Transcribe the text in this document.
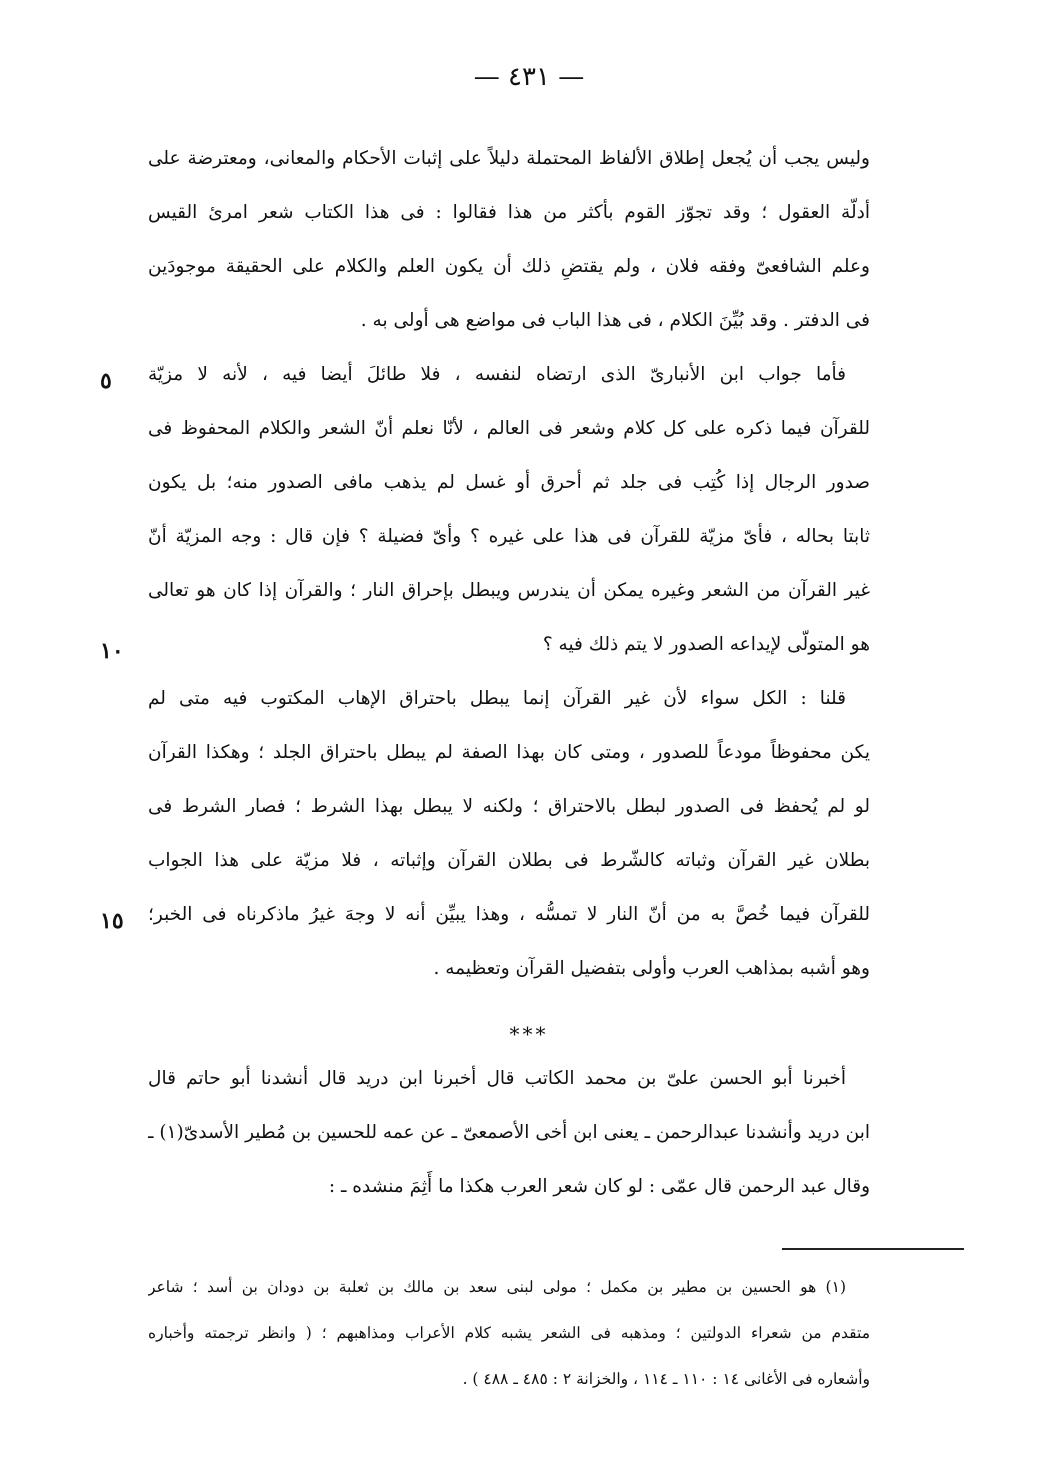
— ٤٣١ —
وليس يجب أن يُجعل إطلاق الألفاظ المحتملة دليلاً على إثبات الأحكام والمعانى، ومعترضة على
أدلّة العقول ؛ وقد تجوّز القوم بأكثر من هذا فقالوا : فى هذا الكتاب شعر امرئ القيس
وعلم الشافعىّ وفقه فلان ، ولم يقتضِ ذلك أن يكون العلم والكلام على الحقيقة موجودَين
فى الدفتر . وقد بُيِّنَ الكلام ، فى هذا الباب فى مواضع هى أولى به .
فأما جواب ابن الأنبارىّ الذى ارتضاه لنفسه ، فلا طائلَ أيضا فيه ، لأنه لا مزيّة
للقرآن فيما ذكره على كل كلام وشعر فى العالم ، لأنّا نعلم أنّ الشعر والكلام المحفوظ فى
صدور الرجال إذا كُتِب فى جلد ثم أحرق أو غسل لم يذهب مافى الصدور منه؛ بل يكون
ثابتا بحاله ، فأىّ مزيّة للقرآن فى هذا على غيره ؟ وأىّ فضيلة ؟ فإن قال : وجه المزيّة أنّ
غير القرآن من الشعر وغيره يمكن أن يندرس ويبطل بإحراق النار ؛ والقرآن إذا كان هو تعالى
هو المتولّى لإيداعه الصدور لا يتم ذلك فيه ؟
قلنا : الكل سواء لأن غير القرآن إنما يبطل باحتراق الإهاب المكتوب فيه متى لم
يكن محفوظاً مودعاً للصدور ، ومتى كان بهذا الصفة لم يبطل باحتراق الجلد ؛ وهكذا القرآن
لو لم يُحفظ فى الصدور لبطل بالاحتراق ؛ ولكنه لا يبطل بهذا الشرط ؛ فصار الشرط فى
بطلان غير القرآن وثباته كالشّرط فى بطلان القرآن وإثباته ، فلا مزيّة على هذا الجواب
للقرآن فيما خُصَّ به من أنّ النار لا تمسُّه ، وهذا يبيِّن أنه لا وجهَ غيرُ ماذكرناه فى الخبر؛
وهو أشبه بمذاهب العرب وأولى بتفضيل القرآن وتعظيمه .
٥
١٠
١٥
***
أخبرنا أبو الحسن علىّ بن محمد الكاتب قال أخبرنا ابن دريد قال أنشدنا أبو حاتم قال
ابن دريد وأنشدنا عبدالرحمن ـ يعنى ابن أخى الأصمعىّ ـ عن عمه للحسين بن مُطير الأسدىّ(١) ـ
وقال عبد الرحمن قال عمّى : لو كان شعر العرب هكذا ما أَثِمَ منشده ـ :
(١) هو الحسين بن مطير بن مكمل ؛ مولى لبنى سعد بن مالك بن ثعلبة بن دودان بن أسد ؛ شاعر
متقدم من شعراء الدولتين ؛ ومذهبه فى الشعر يشبه كلام الأعراب ومذاهبهم ؛ ( وانظر ترجمته وأخباره
وأشعاره فى الأغانى ١٤ : ١١٠ ـ ١١٤ ، والخزانة ٢ : ٤٨٥ ـ ٤٨٨ ) .
